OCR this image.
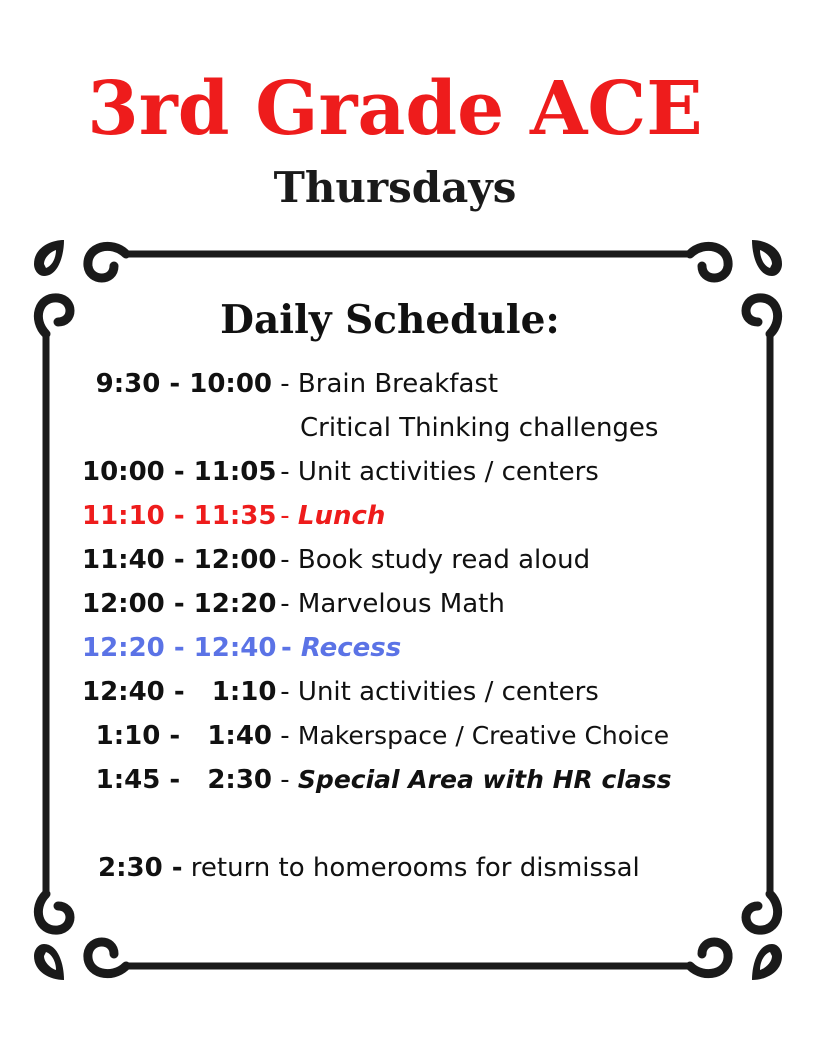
3rd Grade ACE
Thursdays
Daily Schedule:
9:30 - 10:00 - Brain Breakfast
Critical Thinking challenges
10:00 - 11:05 - Unit activities / centers
11:10 - 11:35 - Lunch
11:40 - 12:00 - Book study read aloud
12:00 - 12:20 - Marvelous Math
12:20 - 12:40 - Recess
12:40 -   1:10 - Unit activities / centers
1:10 -   1:40 - Makerspace / Creative Choice
1:45 -   2:30 - Special Area with HR class
2:30 - return to homerooms for dismissal
